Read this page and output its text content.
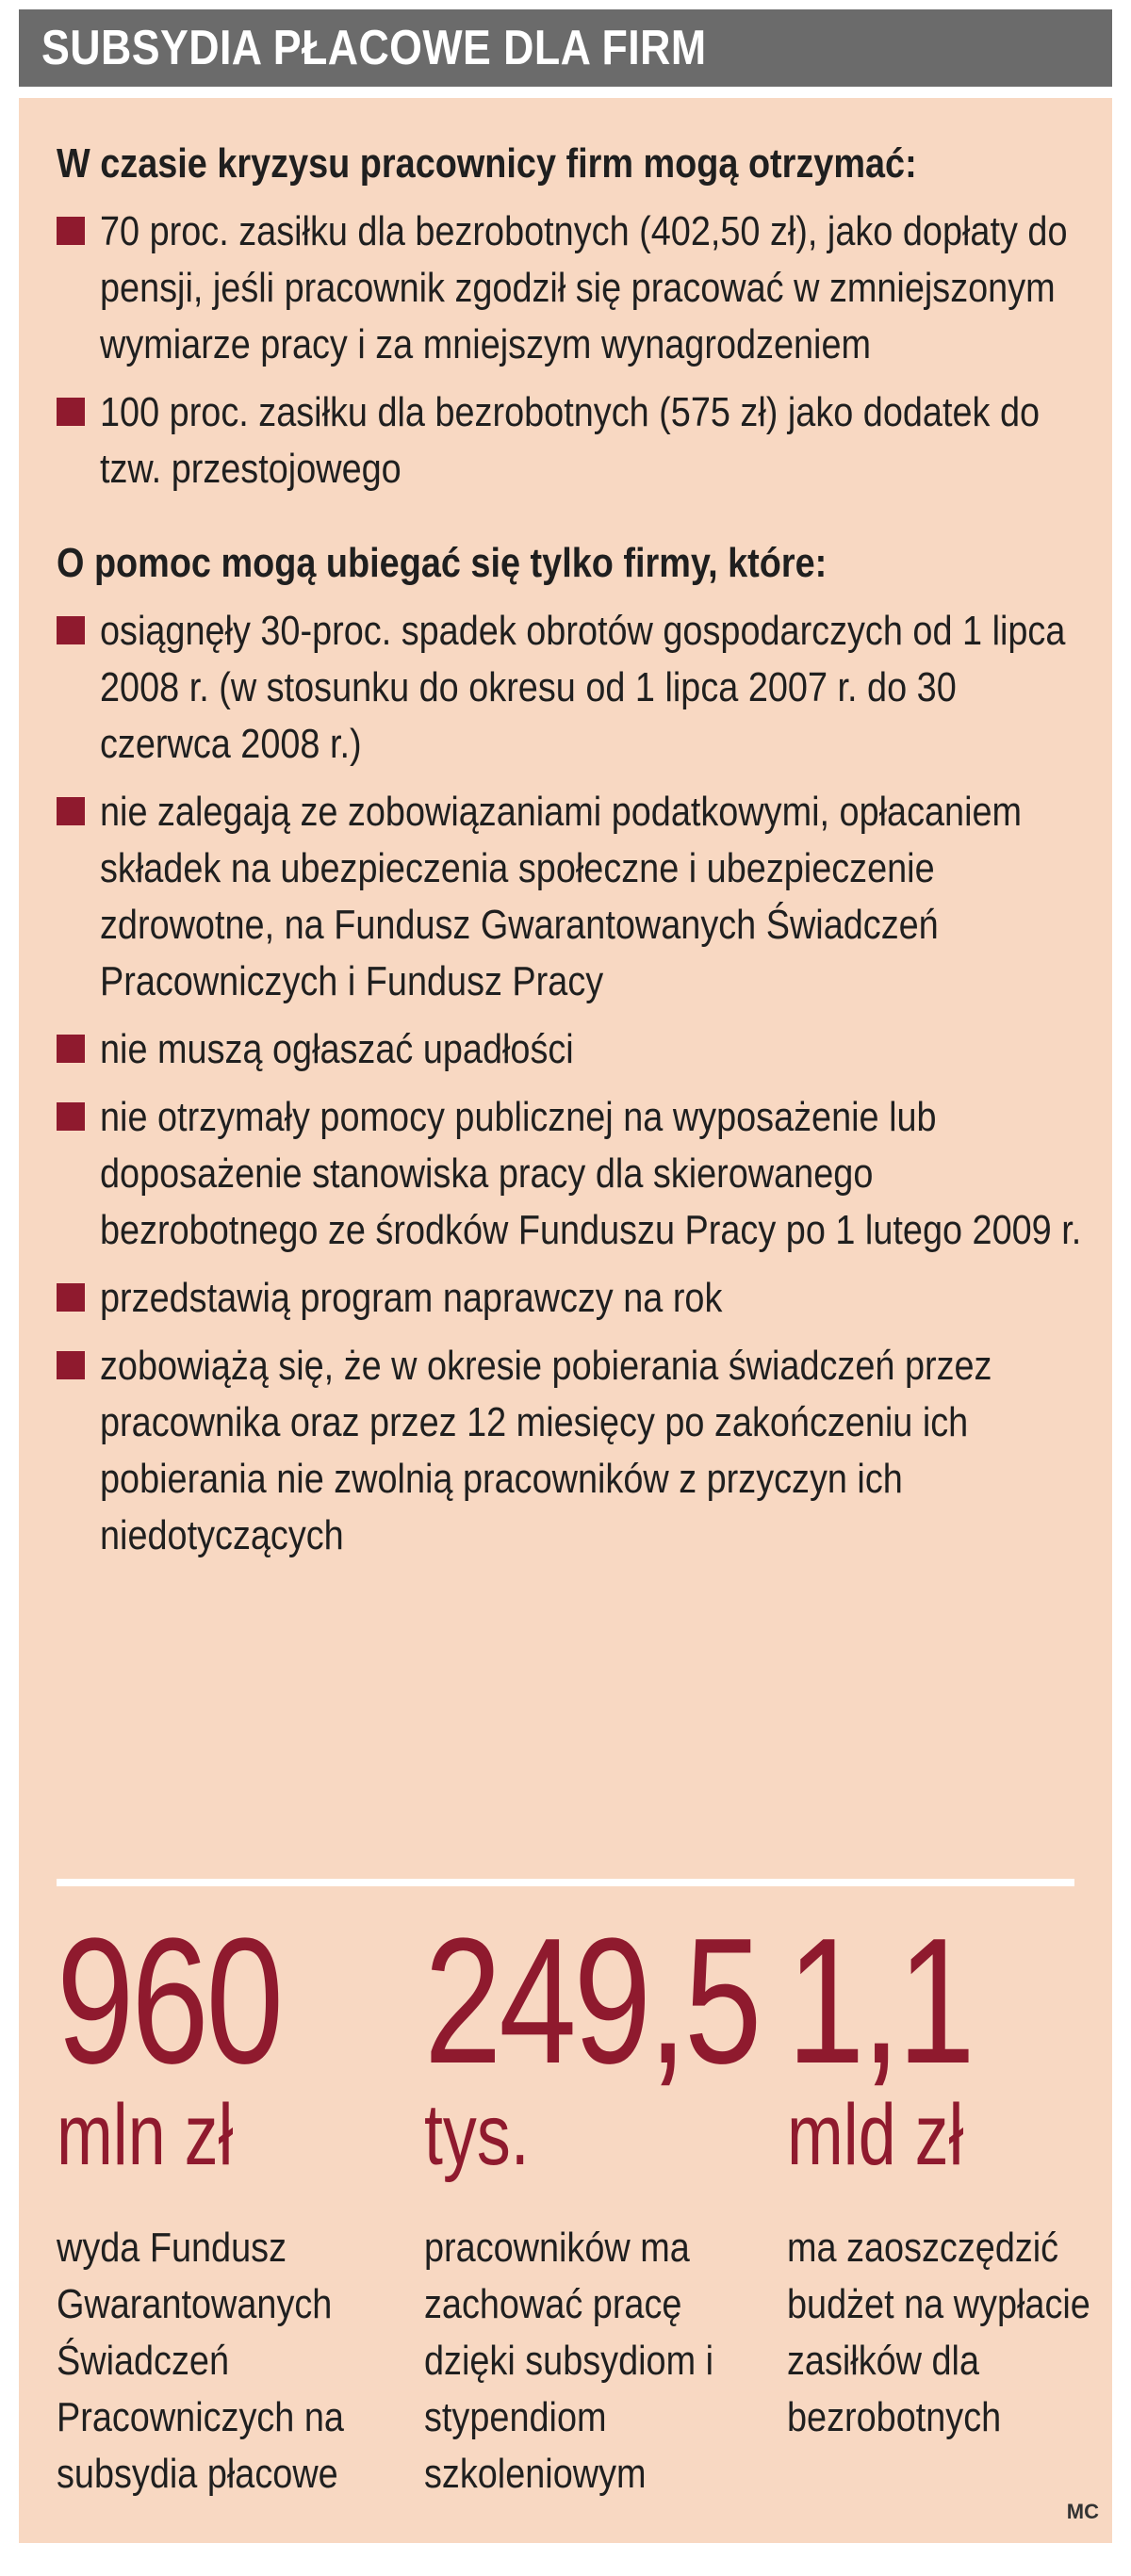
SUBSYDIA PŁACOWE DLA FIRM
W czasie kryzysu pracownicy firm mogą otrzymać:
70 proc. zasiłku dla bezrobotnych (402,50 zł), jako dopłaty do pensji, jeśli pracownik zgodził się pracować w zmniejszonym wymiarze pracy i za mniejszym wynagrodzeniem
100 proc. zasiłku dla bezrobotnych (575 zł) jako dodatek do tzw. przestojowego
O pomoc mogą ubiegać się tylko firmy, które:
osiągnęły 30-proc. spadek obrotów gospodarczych od 1 lipca 2008 r. (w stosunku do okresu od 1 lipca 2007 r. do 30 czerwca 2008 r.)
nie zalegają ze zobowiązaniami podatkowymi, opłacaniem składek na ubezpieczenia społeczne i ubezpieczenie zdrowotne, na Fundusz Gwarantowanych Świadczeń Pracowniczych i Fundusz Pracy
nie muszą ogłaszać upadłości
nie otrzymały pomocy publicznej na wyposażenie lub doposażenie stanowiska pracy dla skierowanego bezrobotnego ze środków Funduszu Pracy po 1 lutego 2009 r.
przedstawią program naprawczy na rok
zobowiążą się, że w okresie pobierania świadczeń przez pracownika oraz przez 12 miesięcy po zakończeniu ich pobierania nie zwolnią pracowników z przyczyn ich niedotyczących
960
mln zł
wyda Fundusz Gwarantowanych Świadczeń Pracowniczych na subsydia płacowe
249,5
tys.
pracowników ma zachować pracę dzięki subsydiom i stypendiom szkoleniowym
1,1
mld zł
ma zaoszczędzić budżet na wypłacie zasiłków dla bezrobotnych
MC
